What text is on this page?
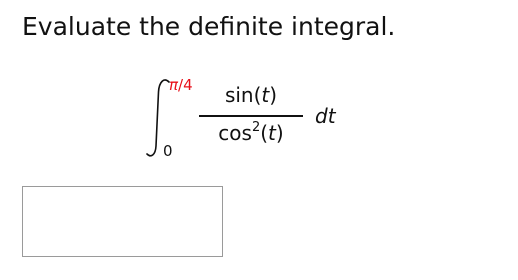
Evaluate the definite integral.
π/4
0
sin(t)
$\cos^2(t)$
dt
